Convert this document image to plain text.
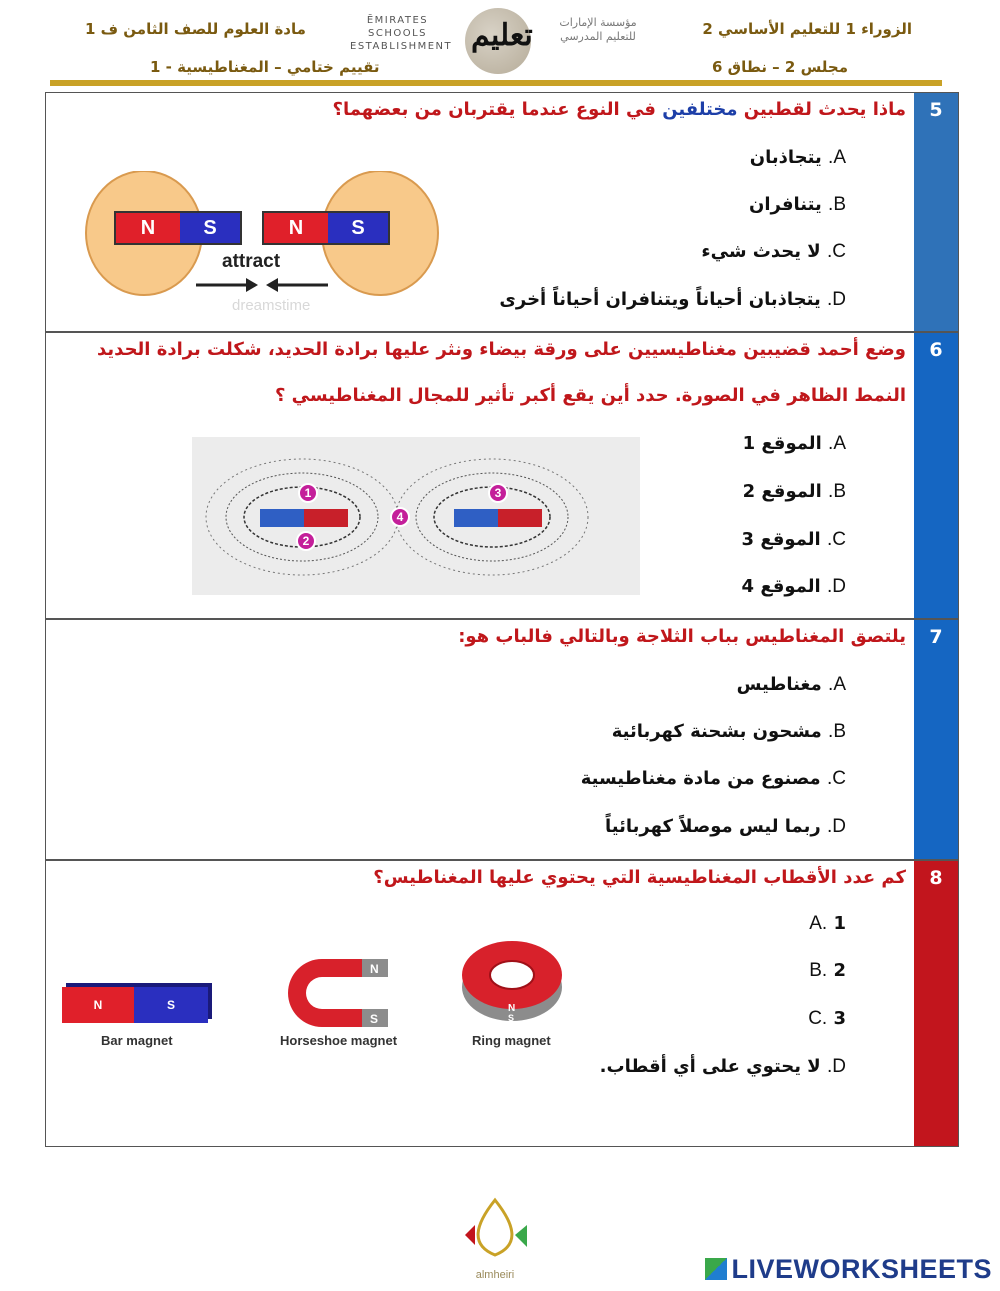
الزوراء 1 للتعليم الأساسي 2
مجلس 2 – نطاق 6
مادة العلوم للصف الثامن ف 1
تقييم ختامي – المغناطيسية - 1
ĒMIRATES SCHOOLS
ESTABLISHMENT تعليم	مؤسسة الإمارات
للتعليم المدرسي
5
ماذا يحدث لقطبين مختلفين في النوع عندما يقتربان من بعضهما؟
A. يتجاذبان
B. يتنافران
C. لا يحدث شيء
D. يتجاذبان أحياناً ويتنافران أحياناً أخرى
N	S	N	S
attract
dreamstime
6
وضع أحمد قضيبين مغناطيسيين على ورقة بيضاء ونثر عليها برادة الحديد، شكلت برادة الحديد
النمط الظاهر في الصورة. حدد أين يقع أكبر تأثير للمجال المغناطيسي ؟
A. الموقع 1
B. الموقع 2
C. الموقع 3
D. الموقع 4
1
2
3
4
7
يلتصق المغناطيس بباب الثلاجة وبالتالي فالباب هو:
A. مغناطيس
B. مشحون بشحنة كهربائية
C. مصنوع من مادة مغناطيسية
D. ربما ليس موصلاً كهربائياً
8
كم عدد الأقطاب المغناطيسية التي يحتوي عليها المغناطيس؟
A. 1
B. 2
C. 3
D. لا يحتوي على أي أقطاب.
N	S
Bar magnet
N
S
Horseshoe magnet
N
S
Ring magnet
almheiri	LIVEWORKSHEETS
